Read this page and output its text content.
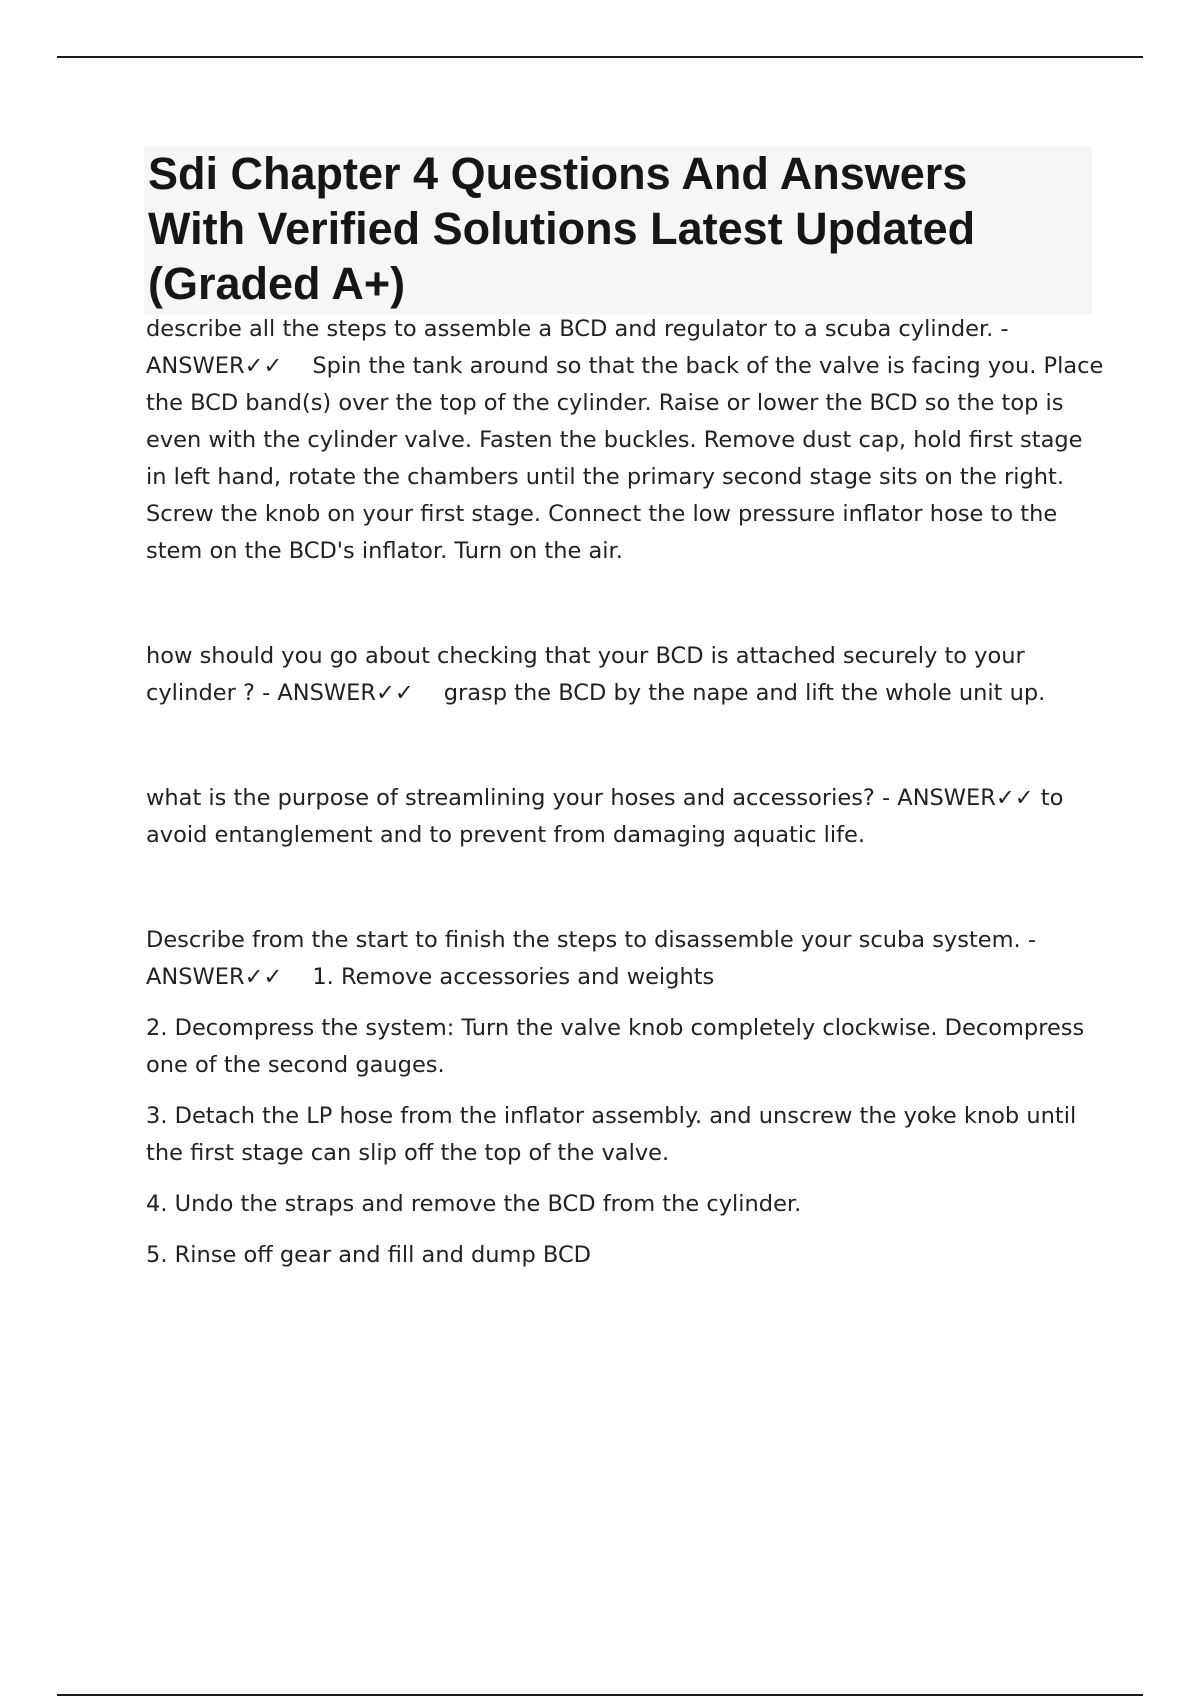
Sdi Chapter 4 Questions And Answers
With Verified Solutions Latest Updated
(Graded A+)

describe all the steps to assemble a BCD and regulator to a scuba cylinder. - ANSWER✓✓ Spin the tank around so that the back of the valve is facing you. Place the BCD band(s) over the top of the cylinder. Raise or lower the BCD so the top is even with the cylinder valve. Fasten the buckles. Remove dust cap, hold first stage in left hand, rotate the chambers until the primary second stage sits on the right. Screw the knob on your first stage. Connect the low pressure inflator hose to the stem on the BCD's inflator. Turn on the air.

how should you go about checking that your BCD is attached securely to your cylinder ? - ANSWER✓✓ grasp the BCD by the nape and lift the whole unit up.

what is the purpose of streamlining your hoses and accessories? - ANSWER✓✓ to avoid entanglement and to prevent from damaging aquatic life.

Describe from the start to finish the steps to disassemble your scuba system. - ANSWER✓✓ 1. Remove accessories and weights

2. Decompress the system: Turn the valve knob completely clockwise. Decompress one of the second gauges.

3. Detach the LP hose from the inflator assembly. and unscrew the yoke knob until the first stage can slip off the top of the valve.

4. Undo the straps and remove the BCD from the cylinder.

5. Rinse off gear and fill and dump BCD
